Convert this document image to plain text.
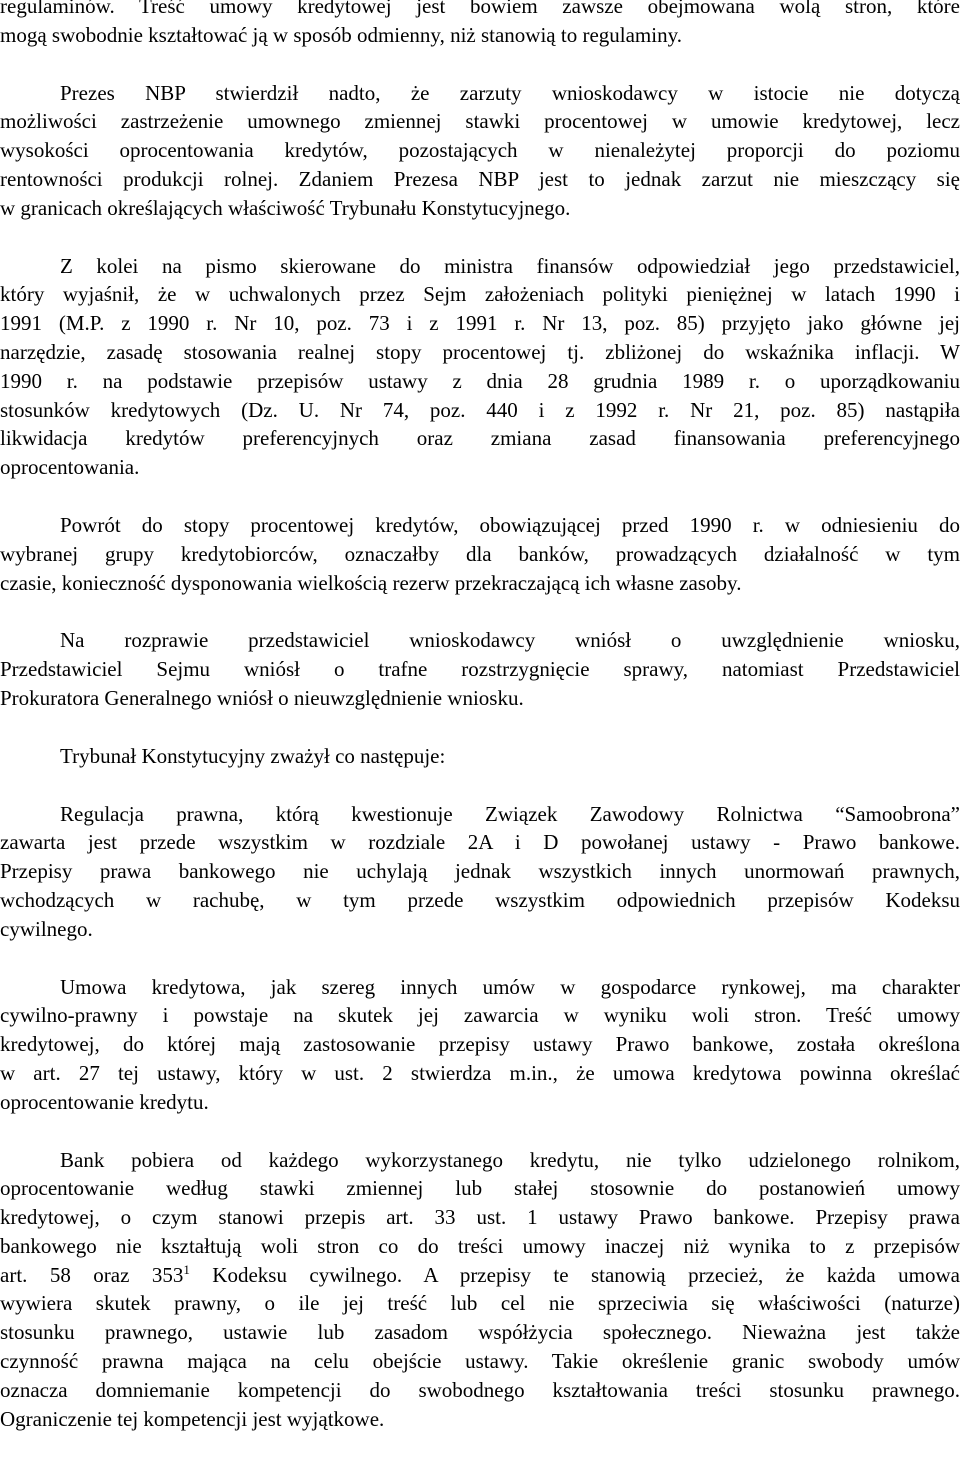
regulaminów. Treść umowy kredytowej jest bowiem zawsze obejmowana wolą stron, które
mogą swobodnie kształtować ją w sposób odmienny, niż stanowią to regulaminy.
Prezes NBP stwierdził nadto, że zarzuty wnioskodawcy w istocie nie dotyczą
możliwości zastrzeżenie umownego zmiennej stawki procentowej w umowie kredytowej, lecz
wysokości oprocentowania kredytów, pozostających w nienależytej proporcji do poziomu
rentowności produkcji rolnej. Zdaniem Prezesa NBP jest to jednak zarzut nie mieszczący się
w granicach określających właściwość Trybunału Konstytucyjnego.
Z kolei na pismo skierowane do ministra finansów odpowiedział jego przedstawiciel,
który wyjaśnił, że w uchwalonych przez Sejm założeniach polityki pieniężnej w latach 1990 i
1991 (M.P. z 1990 r. Nr 10, poz. 73 i z 1991 r. Nr 13, poz. 85) przyjęto jako główne jej
narzędzie, zasadę stosowania realnej stopy procentowej tj. zbliżonej do wskaźnika inflacji. W
1990 r. na podstawie przepisów ustawy z dnia 28 grudnia 1989 r. o uporządkowaniu
stosunków kredytowych (Dz. U. Nr 74, poz. 440 i z 1992 r. Nr 21, poz. 85) nastąpiła
likwidacja kredytów preferencyjnych oraz zmiana zasad finansowania preferencyjnego
oprocentowania.
Powrót do stopy procentowej kredytów, obowiązującej przed 1990 r. w odniesieniu do
wybranej grupy kredytobiorców, oznaczałby dla banków, prowadzących działalność w tym
czasie, konieczność dysponowania wielkością rezerw przekraczającą ich własne zasoby.
Na rozprawie przedstawiciel wnioskodawcy wniósł o uwzględnienie wniosku,
Przedstawiciel Sejmu wniósł o trafne rozstrzygnięcie sprawy, natomiast Przedstawiciel
Prokuratora Generalnego wniósł o nieuwzględnienie wniosku.
Trybunał Konstytucyjny zważył co następuje:
Regulacja prawna, którą kwestionuje Związek Zawodowy Rolnictwa “Samoobrona”
zawarta jest przede wszystkim w rozdziale 2A i D powołanej ustawy - Prawo bankowe.
Przepisy prawa bankowego nie uchylają jednak wszystkich innych unormowań prawnych,
wchodzących w rachubę, w tym przede wszystkim odpowiednich przepisów Kodeksu
cywilnego.
Umowa kredytowa, jak szereg innych umów w gospodarce rynkowej, ma charakter
cywilno-prawny i powstaje na skutek jej zawarcia w wyniku woli stron. Treść umowy
kredytowej, do której mają zastosowanie przepisy ustawy Prawo bankowe, została określona
w art. 27 tej ustawy, który w ust. 2 stwierdza m.in., że umowa kredytowa powinna określać
oprocentowanie kredytu.
Bank pobiera od każdego wykorzystanego kredytu, nie tylko udzielonego rolnikom,
oprocentowanie według stawki zmiennej lub stałej stosownie do postanowień umowy
kredytowej, o czym stanowi przepis art. 33 ust. 1 ustawy Prawo bankowe. Przepisy prawa
bankowego nie kształtują woli stron co do treści umowy inaczej niż wynika to z przepisów
art. 58 oraz $353^1$ Kodeksu cywilnego. A przepisy te stanowią przecież, że każda umowa
wywiera skutek prawny, o ile jej treść lub cel nie sprzeciwia się właściwości (naturze)
stosunku prawnego, ustawie lub zasadom współżycia społecznego. Nieważna jest także
czynność prawna mająca na celu obejście ustawy. Takie określenie granic swobody umów
oznacza domniemanie kompetencji do swobodnego kształtowania treści stosunku prawnego.
Ograniczenie tej kompetencji jest wyjątkowe.
